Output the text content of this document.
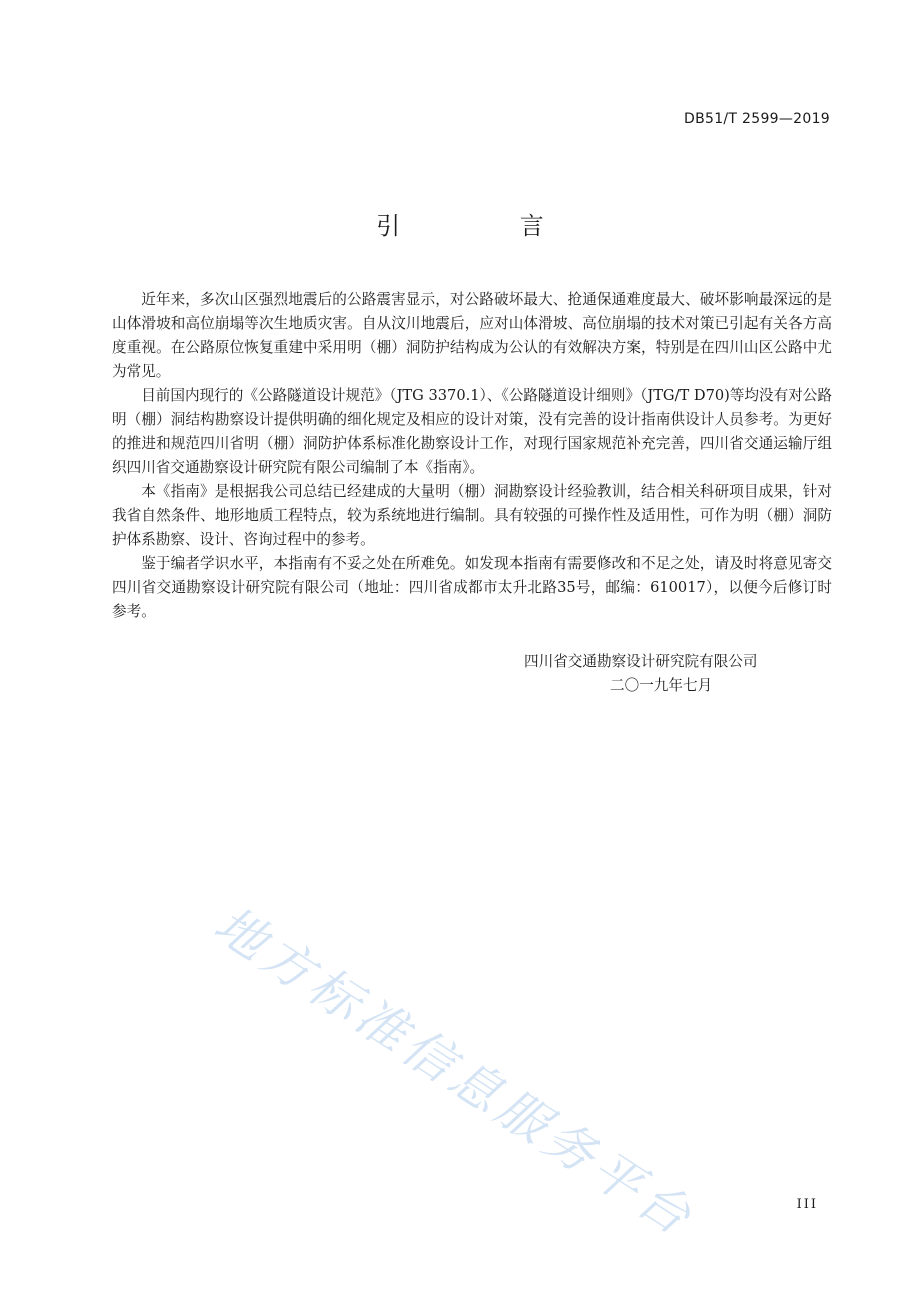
DB51/T 2599—2019
引 言

近年来，多次山区强烈地震后的公路震害显示，对公路破坏最大、抢通保通难度最大、破坏影响最深远的是山体滑坡和高位崩塌等次生地质灾害。自从汶川地震后，应对山体滑坡、高位崩塌的技术对策已引起有关各方高度重视。在公路原位恢复重建中采用明（棚）洞防护结构成为公认的有效解决方案，特别是在四川山区公路中尤为常见。

目前国内现行的《公路隧道设计规范》（JTG 3370.1）、《公路隧道设计细则》（JTG/T D70)等均没有对公路明（棚）洞结构勘察设计提供明确的细化规定及相应的设计对策，没有完善的设计指南供设计人员参考。为更好的推进和规范四川省明（棚）洞防护体系标准化勘察设计工作，对现行国家规范补充完善，四川省交通运输厅组织四川省交通勘察设计研究院有限公司编制了本《指南》。

本《指南》是根据我公司总结已经建成的大量明（棚）洞勘察设计经验教训，结合相关科研项目成果，针对我省自然条件、地形地质工程特点，较为系统地进行编制。具有较强的可操作性及适用性，可作为明（棚）洞防护体系勘察、设计、咨询过程中的参考。

鉴于编者学识水平，本指南有不妥之处在所难免。如发现本指南有需要修改和不足之处，请及时将意见寄交四川省交通勘察设计研究院有限公司（地址：四川省成都市太升北路35号，邮编：610017），以便今后修订时参考。

四川省交通勘察设计研究院有限公司
二〇一九年七月
地方标准信息服务平台	III
